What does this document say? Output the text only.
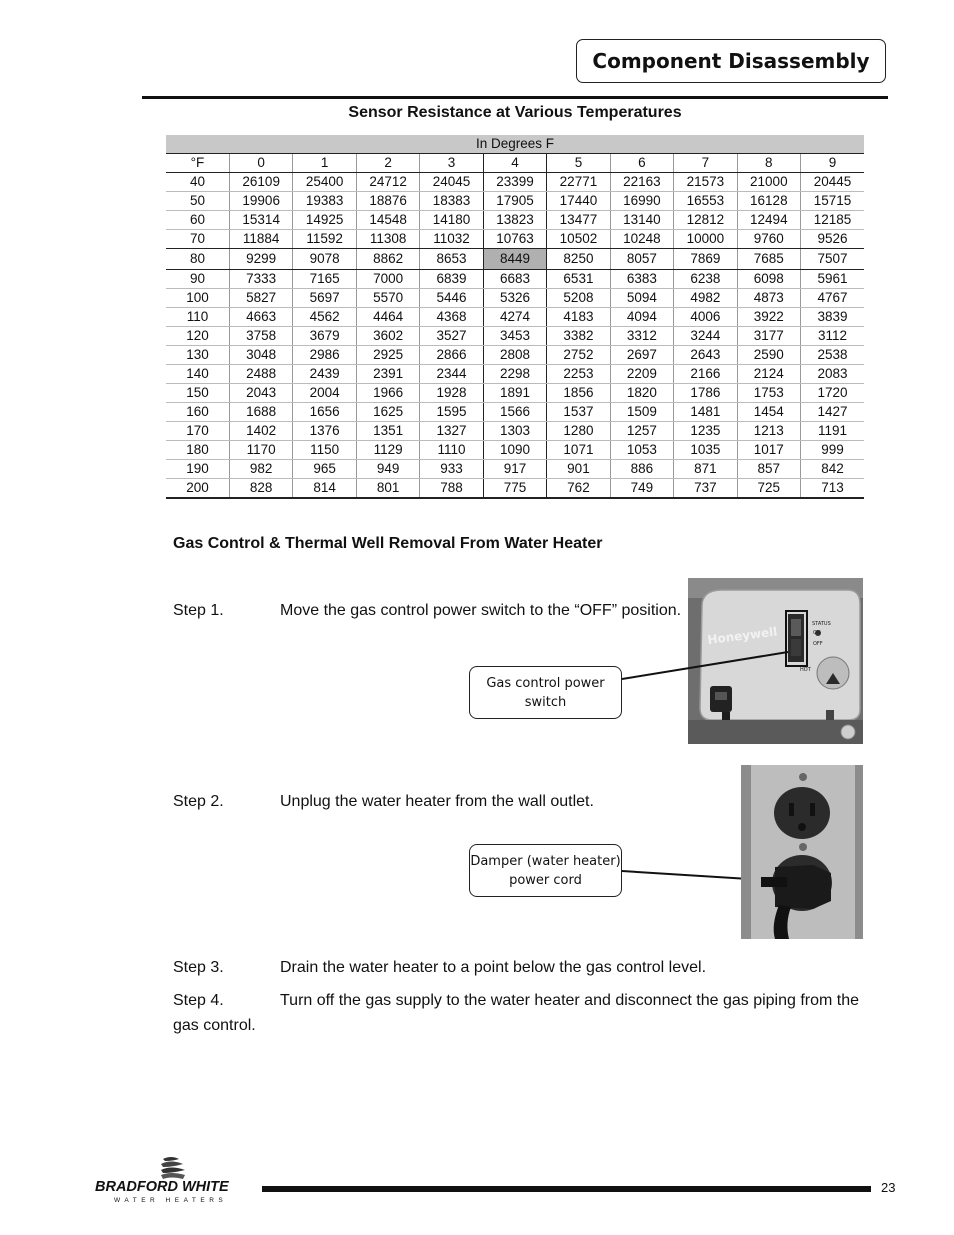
Component Disassembly
Sensor Resistance at Various Temperatures
In Degrees F										
°F	0	1	2	3	4	5	6	7	8	9
40	26109	25400	24712	24045	23399	22771	22163	21573	21000	20445
50	19906	19383	18876	18383	17905	17440	16990	16553	16128	15715
60	15314	14925	14548	14180	13823	13477	13140	12812	12494	12185
70	11884	11592	11308	11032	10763	10502	10248	10000	9760	9526
80	9299	9078	8862	8653	8449	8250	8057	7869	7685	7507
90	7333	7165	7000	6839	6683	6531	6383	6238	6098	5961
100	5827	5697	5570	5446	5326	5208	5094	4982	4873	4767
110	4663	4562	4464	4368	4274	4183	4094	4006	3922	3839
120	3758	3679	3602	3527	3453	3382	3312	3244	3177	3112
130	3048	2986	2925	2866	2808	2752	2697	2643	2590	2538
140	2488	2439	2391	2344	2298	2253	2209	2166	2124	2083
150	2043	2004	1966	1928	1891	1856	1820	1786	1753	1720
160	1688	1656	1625	1595	1566	1537	1509	1481	1454	1427
170	1402	1376	1351	1327	1303	1280	1257	1235	1213	1191
180	1170	1150	1129	1110	1090	1071	1053	1035	1017	999
190	982	965	949	933	917	901	886	871	857	842
200	828	814	801	788	775	762	749	737	725	713
Gas Control & Thermal Well Removal From Water Heater
Step 1.	Move the gas control power switch to the “OFF” position.
Gas control power switch
Honeywell
STATUS
ON
OFF
HOT
Step 2.	Unplug the water heater from the wall outlet.
Damper (water heater) power cord
Step 3.	Drain the water heater to a point below the gas control level.
Step 4.	Turn off the gas supply to the water heater and disconnect the gas piping from the gas control.
BRADFORD WHITE
WATER HEATERS
23
